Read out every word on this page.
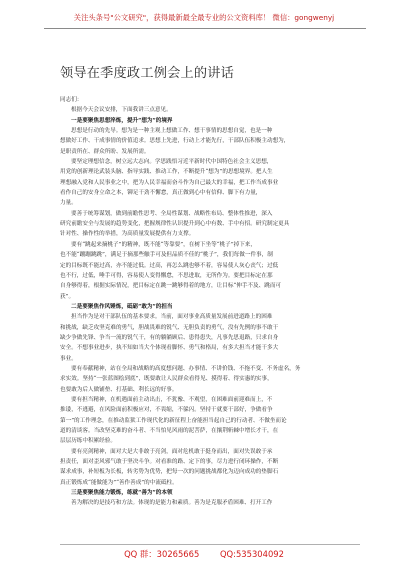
关注头条号"公文研究"，获得最新最全最专业的公文资料库！ 微信：gongwenyj
领导在季度政工例会上的讲话
同志们：
根据今天会议安排，下面我讲三点意见。
一是要聚焦思想淬炼，提升“想为”的境界
思想是行动的先导。想为是一种主观上想做工作、想干事情的思想自觉，也是一种
想做好工作、干成事情的价值追求。思想上先进，行动上才能先行，干部队伍积极主动想为，
是职责所在、群众所盼、发展所需。
要坚定理想信念，树立远大志向。学思践悟习近平新时代中国特色社会主义思想，
用党的创新理论武装头脑、指导实践、推动工作，不断提升“想为”的思想境界。把人生
理想融入党和人民事业之中，把为人民幸福而奋斗作为自己最大的幸福，把工作当成事业
看作自己的安身立命之本，铆足干劲不懈怠，真正做到心中有信仰、脚下有力量，
力量。
要善于统筹谋划，做到前瞻性思考、全局性谋划、战略性布局、整体性推进，深入
研究前瞻安全与发展的趋势变化，把握规律性认识提升到心中有数、手中有招。研究制定更具
针对性、操作性的举措，为高质量发展提供有力支撑。
要有“跳起来摘桃子”的精神，既不能“等靠要”，在树下坐等“桃子”掉下来，
也不能“蹦蹦跳跳”，满足于摘那些触手可及但品质不佳的“桃子”，我们每做一件事，制
定的目标既不能过高，亦不能过低。过高，再怎么跳也够不着，容易使人灰心丧气；过低
也不行，过低，唾手可得，容易使人变得懈怠，不思进取，无所作为。要把目标定在那
自身够得着，根据实际情况，把目标定在跳一跳够得着的地方，让目标“伸手不及、跳而可
获”。
二是要聚焦作风锤炼，砥砺“敢为”的担当
担当作为是对干部队伍的基本要求。当前，面对事业高质量发展前进道路上的困难
和挑战，缺乏攻坚克难的勇气，胆战畏难的锐气、无胆负责的勇气，没有先例的事不敢干
缺少争做先锋、争当一流的锐气干，有的躺躺顾后、患得患失，凡事先思退路，只求自身
安全。不想事业进步，执不知如当大个体现看脚怀、勇气和格局，有多大担当才能干多大
事业。
要有奉献精神，站在全局和战略的高度想问题、办事情、不讲价钱、不拖不变、不务虚名，务
求实效。坚持“一张蓝图绘到底”，既要敢让人民群众看得见、摸得着、得实惠的实事，
也要敢为后人做铺垫、打基础、利长远的好事。
要有担当精神，在机遇面前主动出击，不犹豫、不观望，在困难面前迎难而上，不
推诿，不逃避，在风险面前积极应对，不畏缩，不躲闪。坚持干就要干部好，争做看争
第一”的工作理念，在推动监狱工作现代化的新征程上奋能担当起自己的行动者、不做坐而论
道的清谈客。当改坚克难的奋斗者、不当怕见风雨的泥菩萨，在攘荆斩棘中增长才干，在
层层历练中积累经验。
要有亮剑精神，面对大是大非敢于亮剑，面对危机敢于挺身而出，面对失误敢于承
担责任，面对歪风邪气敢于坚决斗争。对看准的路、定下的事，尽力进行闭环操作，不断
谋求成事，补短板为长板，转劣势为优势，把每一次的问题挑战都化为迈向成功的垫脚石
真正锻炼成“能做能为”“善作善成”的中流砥柱。
三是要聚焦能力锻炼，练就“善为”的本领
善为解决的是技巧和方法。体现的是能力和素质。善为是克服矛盾困难、打开工作
QQ 群：30265665 QQ:535304092
